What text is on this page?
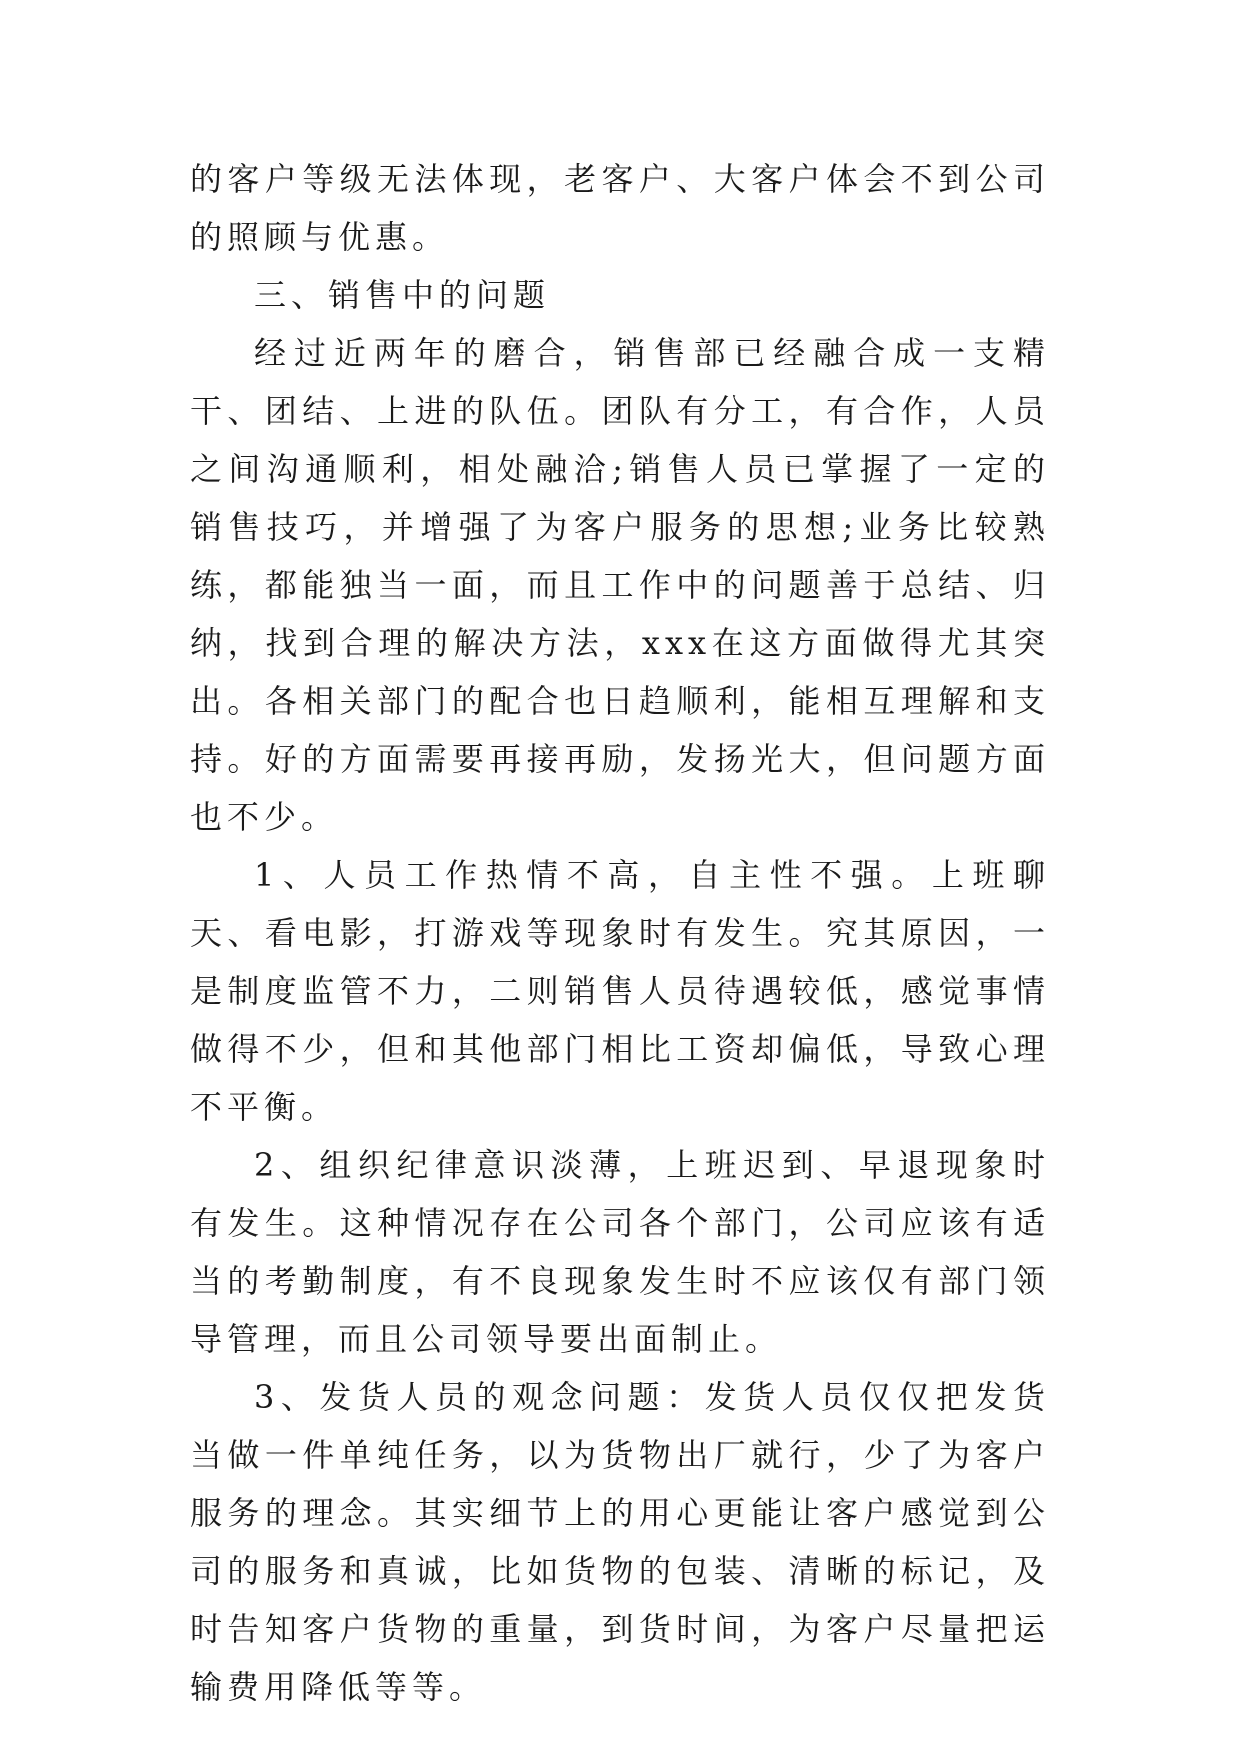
的客户等级无法体现，老客户、大客户体会不到公司的照顾与优惠。

三、销售中的问题

经过近两年的磨合，销售部已经融合成一支精干、团结、上进的队伍。团队有分工，有合作，人员之间沟通顺利，相处融洽;销售人员已掌握了一定的销售技巧，并增强了为客户服务的思想;业务比较熟练，都能独当一面，而且工作中的问题善于总结、归纳，找到合理的解决方法，xxx在这方面做得尤其突出。各相关部门的配合也日趋顺利，能相互理解和支持。好的方面需要再接再励，发扬光大，但问题方面也不少。

1、人员工作热情不高，自主性不强。上班聊天、看电影，打游戏等现象时有发生。究其原因，一是制度监管不力，二则销售人员待遇较低，感觉事情做得不少，但和其他部门相比工资却偏低，导致心理不平衡。

2、组织纪律意识淡薄，上班迟到、早退现象时有发生。这种情况存在公司各个部门，公司应该有适当的考勤制度，有不良现象发生时不应该仅有部门领导管理，而且公司领导要出面制止。

3、发货人员的观念问题：发货人员仅仅把发货当做一件单纯任务，以为货物出厂就行，少了为客户服务的理念。其实细节上的用心更能让客户感觉到公司的服务和真诚，比如货物的包装、清晰的标记，及时告知客户货物的重量，到货时间，为客户尽量把运输费用降低等等。
